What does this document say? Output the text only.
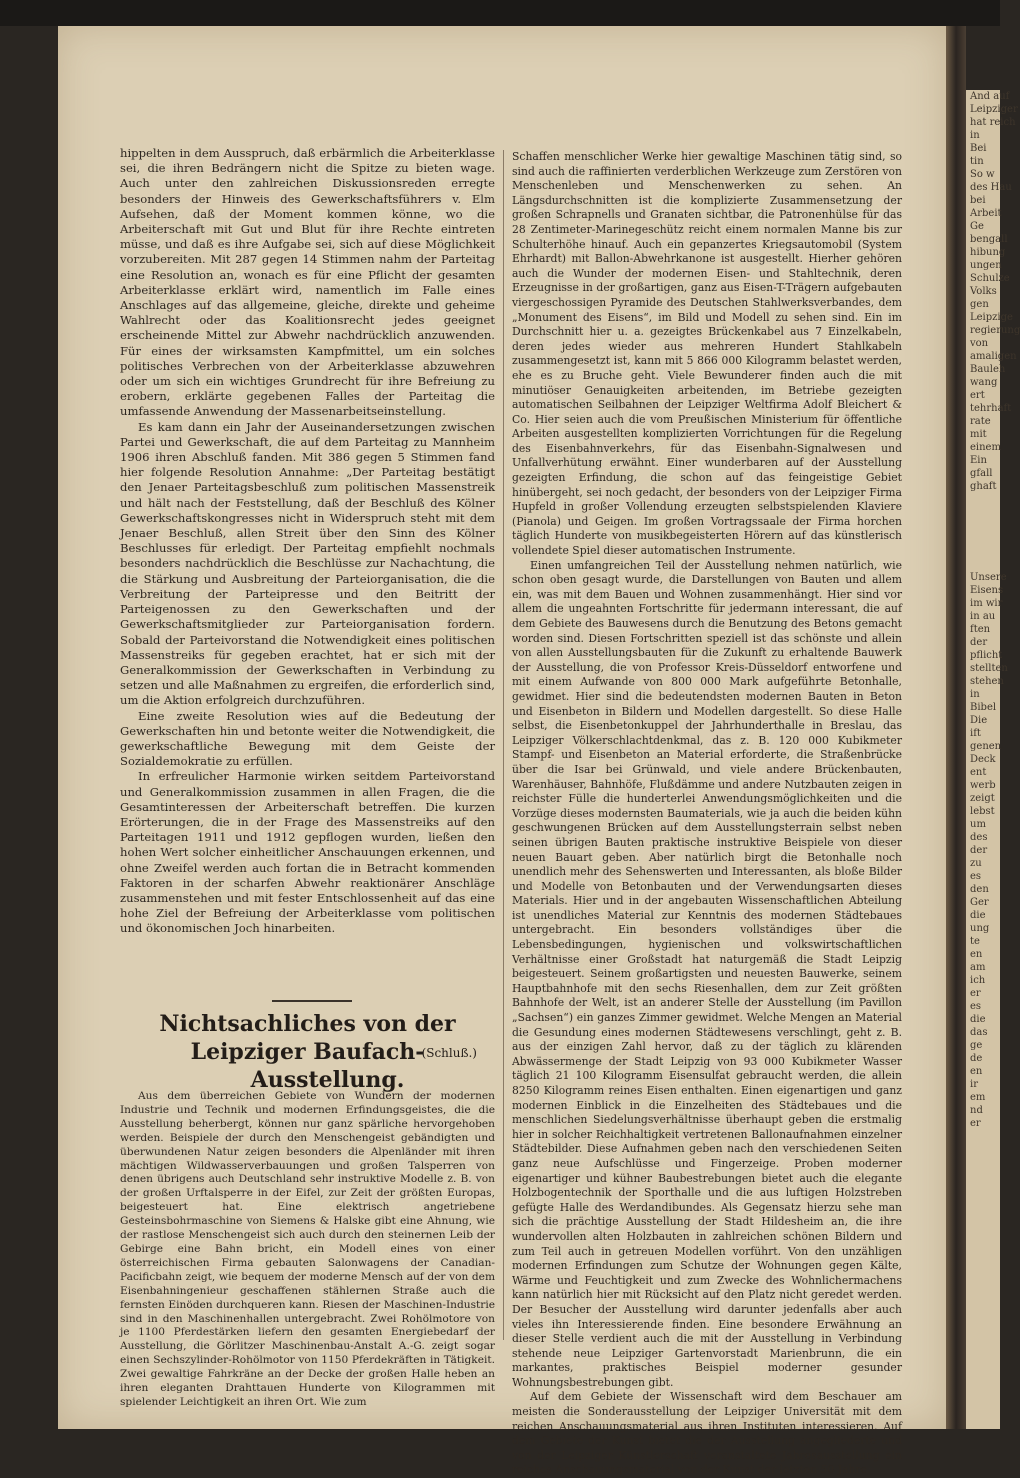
And auf

Leipziger

hat reich

in

Bei

tin

So w

des Hau

bei

Arbeit

Ge

bengall

hibung

ungen

Schulze

Volks

gen

Leipzige

regierung

von

amaligen

Bauleh

wang

ert

tehrhaft

rate

mit

einem

Ein

gfall

ghaft

Unsere

Eisens

im wir

in au

ften

der

pflicht

stellten

stehen

in

Bibel

Die

ift

genen

Deck

ent

werb

zeigt

lebst

um

des

der

zu

es

den

Ger

die

ung

te

en

am

ich

er

es

die

das

ge

de

en

ir

em

nd

er

hippelten in dem Ausspruch, daß erbärmlich die Arbeiterklasse sei, die ihren Bedrängern nicht die Spitze zu bieten wage. Auch unter den zahlreichen Diskussionsreden erregte besonders der Hinweis des Gewerkschaftsführers v. Elm Aufsehen, daß der Moment kommen könne, wo die Arbeiterschaft mit Gut und Blut für ihre Rechte eintreten müsse, und daß es ihre Aufgabe sei, sich auf diese Möglichkeit vorzubereiten. Mit 287 gegen 14 Stimmen nahm der Parteitag eine Resolution an, wonach es für eine Pflicht der gesamten Arbeiterklasse erklärt wird, namentlich im Falle eines Anschlages auf das allgemeine, gleiche, direkte und geheime Wahlrecht oder das Koalitionsrecht jedes geeignet erscheinende Mittel zur Abwehr nachdrücklich anzuwenden. Für eines der wirksamsten Kampfmittel, um ein solches politisches Verbrechen von der Arbeiterklasse abzuwehren oder um sich ein wichtiges Grundrecht für ihre Befreiung zu erobern, erklärte gegebenen Falles der Parteitag die umfassende Anwendung der Massenarbeitseinstellung.

Es kam dann ein Jahr der Auseinandersetzungen zwischen Partei und Gewerkschaft, die auf dem Parteitag zu Mannheim 1906 ihren Abschluß fanden. Mit 386 gegen 5 Stimmen fand hier folgende Resolution Annahme: „Der Parteitag bestätigt den Jenaer Parteitagsbeschluß zum politischen Massenstreik und hält nach der Feststellung, daß der Beschluß des Kölner Gewerkschaftskongresses nicht in Widerspruch steht mit dem Jenaer Beschluß, allen Streit über den Sinn des Kölner Beschlusses für erledigt. Der Parteitag empfiehlt nochmals besonders nachdrücklich die Beschlüsse zur Nachachtung, die die Stärkung und Ausbreitung der Parteiorganisation, die die Verbreitung der Parteipresse und den Beitritt der Parteigenossen zu den Gewerkschaften und der Gewerkschaftsmitglieder zur Parteiorganisation fordern. Sobald der Parteivorstand die Notwendigkeit eines politischen Massenstreiks für gegeben erachtet, hat er sich mit der Generalkommission der Gewerkschaften in Verbindung zu setzen und alle Maßnahmen zu ergreifen, die erforderlich sind, um die Aktion erfolgreich durchzuführen.

Eine zweite Resolution wies auf die Bedeutung der Gewerkschaften hin und betonte weiter die Notwendigkeit, die gewerkschaftliche Bewegung mit dem Geiste der Sozialdemokratie zu erfüllen.

In erfreulicher Harmonie wirken seitdem Parteivorstand und Generalkommission zusammen in allen Fragen, die die Gesamtinteressen der Arbeiterschaft betreffen. Die kurzen Erörterungen, die in der Frage des Massenstreiks auf den Parteitagen 1911 und 1912 gepflogen wurden, ließen den hohen Wert solcher einheitlicher Anschauungen erkennen, und ohne Zweifel werden auch fortan die in Betracht kommenden Faktoren in der scharfen Abwehr reaktionärer Anschläge zusammenstehen und mit fester Entschlossenheit auf das eine hohe Ziel der Befreiung der Arbeiterklasse vom politischen und ökonomischen Joch hinarbeiten.

Nichtsachliches von der Leipziger Baufach-
Ausstellung.
(Schluß.)

Aus dem überreichen Gebiete von Wundern der modernen Industrie und Technik und modernen Erfindungsgeistes, die die Ausstellung beherbergt, können nur ganz spärliche hervorgehoben werden. Beispiele der durch den Menschengeist gebändigten und überwundenen Natur zeigen besonders die Alpenländer mit ihren mächtigen Wildwasserverbauungen und großen Talsperren von denen übrigens auch Deutschland sehr instruktive Modelle z. B. von der großen Urftalsperre in der Eifel, zur Zeit der größten Europas, beigesteuert hat. Eine elektrisch angetriebene Gesteinsbohrmaschine von Siemens & Halske gibt eine Ahnung, wie der rastlose Menschengeist sich auch durch den steinernen Leib der Gebirge eine Bahn bricht, ein Modell eines von einer österreichischen Firma gebauten Salonwagens der Canadian-Pacificbahn zeigt, wie bequem der moderne Mensch auf der von dem Eisenbahningenieur geschaffenen stählernen Straße auch die fernsten Einöden durchqueren kann. Riesen der Maschinen-Industrie sind in den Maschinenhallen untergebracht. Zwei Rohölmotore von je 1100 Pferdestärken liefern den gesamten Energiebedarf der Ausstellung, die Görlitzer Maschinenbau-Anstalt A.-G. zeigt sogar einen Sechszylinder-Rohölmotor von 1150 Pferdekräften in Tätigkeit. Zwei gewaltige Fahrkräne an der Decke der großen Halle heben an ihren eleganten Drahttauen Hunderte von Kilogrammen mit spielender Leichtigkeit an ihren Ort. Wie zum

Schaffen menschlicher Werke hier gewaltige Maschinen tätig sind, so sind auch die raffinierten verderblichen Werkzeuge zum Zerstören von Menschenleben und Menschenwerken zu sehen. An Längsdurchschnitten ist die komplizierte Zusammensetzung der großen Schrapnells und Granaten sichtbar, die Patronenhülse für das 28 Zentimeter-Marinegeschütz reicht einem normalen Manne bis zur Schulterhöhe hinauf. Auch ein gepanzertes Kriegsautomobil (System Ehrhardt) mit Ballon-Abwehrkanone ist ausgestellt. Hierher gehören auch die Wunder der modernen Eisen- und Stahltechnik, deren Erzeugnisse in der großartigen, ganz aus Eisen-T-Trägern aufgebauten viergeschossigen Pyramide des Deutschen Stahlwerksverbandes, dem „Monument des Eisens“, im Bild und Modell zu sehen sind. Ein im Durchschnitt hier u. a. gezeigtes Brückenkabel aus 7 Einzelkabeln, deren jedes wieder aus mehreren Hundert Stahlkabeln zusammengesetzt ist, kann mit 5 866 000 Kilogramm belastet werden, ehe es zu Bruche geht. Viele Bewunderer finden auch die mit minutiöser Genauigkeiten arbeitenden, im Betriebe gezeigten automatischen Seilbahnen der Leipziger Weltfirma Adolf Bleichert & Co. Hier seien auch die vom Preußischen Ministerium für öffentliche Arbeiten ausgestellten komplizierten Vorrichtungen für die Regelung des Eisenbahnverkehrs, für das Eisenbahn-Signalwesen und Unfallverhütung erwähnt. Einer wunderbaren auf der Ausstellung gezeigten Erfindung, die schon auf das feingeistige Gebiet hinübergeht, sei noch gedacht, der besonders von der Leipziger Firma Hupfeld in großer Vollendung erzeugten selbstspielenden Klaviere (Pianola) und Geigen. Im großen Vortragssaale der Firma horchen täglich Hunderte von musikbegeisterten Hörern auf das künstlerisch vollendete Spiel dieser automatischen Instrumente.

Einen umfangreichen Teil der Ausstellung nehmen natürlich, wie schon oben gesagt wurde, die Darstellungen von Bauten und allem ein, was mit dem Bauen und Wohnen zusammenhängt. Hier sind vor allem die ungeahnten Fortschritte für jedermann interessant, die auf dem Gebiete des Bauwesens durch die Benutzung des Betons gemacht worden sind. Diesen Fortschritten speziell ist das schönste und allein von allen Ausstellungsbauten für die Zukunft zu erhaltende Bauwerk der Ausstellung, die von Professor Kreis-Düsseldorf entworfene und mit einem Aufwande von 800 000 Mark aufgeführte Betonhalle, gewidmet. Hier sind die bedeutendsten modernen Bauten in Beton und Eisenbeton in Bildern und Modellen dargestellt. So diese Halle selbst, die Eisenbetonkuppel der Jahrhunderthalle in Breslau, das Leipziger Völkerschlachtdenkmal, das z. B. 120 000 Kubikmeter Stampf- und Eisenbeton an Material erforderte, die Straßenbrücke über die Isar bei Grünwald, und viele andere Brückenbauten, Warenhäuser, Bahnhöfe, Flußdämme und andere Nutzbauten zeigen in reichster Fülle die hunderterlei Anwendungsmöglichkeiten und die Vorzüge dieses modernsten Baumaterials, wie ja auch die beiden kühn geschwungenen Brücken auf dem Ausstellungsterrain selbst neben seinen übrigen Bauten praktische instruktive Beispiele von dieser neuen Bauart geben. Aber natürlich birgt die Betonhalle noch unendlich mehr des Sehenswerten und Interessanten, als bloße Bilder und Modelle von Betonbauten und der Verwendungsarten dieses Materials. Hier und in der angebauten Wissenschaftlichen Abteilung ist unendliches Material zur Kenntnis des modernen Städtebaues untergebracht. Ein besonders vollständiges über die Lebensbedingungen, hygienischen und volkswirtschaftlichen Verhältnisse einer Großstadt hat naturgemäß die Stadt Leipzig beigesteuert. Seinem großartigsten und neuesten Bauwerke, seinem Hauptbahnhofe mit den sechs Riesenhallen, dem zur Zeit größten Bahnhofe der Welt, ist an anderer Stelle der Ausstellung (im Pavillon „Sachsen“) ein ganzes Zimmer gewidmet. Welche Mengen an Material die Gesundung eines modernen Städtewesens verschlingt, geht z. B. aus der einzigen Zahl hervor, daß zu der täglich zu klärenden Abwässermenge der Stadt Leipzig von 93 000 Kubikmeter Wasser täglich 21 100 Kilogramm Eisensulfat gebraucht werden, die allein 8250 Kilogramm reines Eisen enthalten. Einen eigenartigen und ganz modernen Einblick in die Einzelheiten des Städtebaues und die menschlichen Siedelungsverhältnisse überhaupt geben die erstmalig hier in solcher Reichhaltigkeit vertretenen Ballonaufnahmen einzelner Städtebilder. Diese Aufnahmen geben nach den verschiedenen Seiten ganz neue Aufschlüsse und Fingerzeige. Proben moderner eigenartiger und kühner Baubestrebungen bietet auch die elegante Holzbogentechnik der Sporthalle und die aus luftigen Holzstreben gefügte Halle des Werdandibundes. Als Gegensatz hierzu sehe man sich die prächtige Ausstellung der Stadt Hildesheim an, die ihre wundervollen alten Holzbauten in zahlreichen schönen Bildern und zum Teil auch in getreuen Modellen vorführt. Von den unzähligen modernen Erfindungen zum Schutze der Wohnungen gegen Kälte, Wärme und Feuchtigkeit und zum Zwecke des Wohnlichermachens kann natürlich hier mit Rücksicht auf den Platz nicht geredet werden. Der Besucher der Ausstellung wird darunter jedenfalls aber auch vieles ihn Interessierende finden. Eine besondere Erwähnung an dieser Stelle verdient auch die mit der Ausstellung in Verbindung stehende neue Leipziger Gartenvorstadt Marienbrunn, die ein markantes, praktisches Beispiel moderner gesunder Wohnungsbestrebungen gibt.

Auf dem Gebiete der Wissenschaft wird dem Beschauer am meisten die Sonderausstellung der Leipziger Universität mit dem reichen Anschauungsmaterial aus ihren Instituten interessieren. Auf dem Gebiete der Kunst bietet die der Ausstellung angegliederte und von der Leipziger Künstlerschaft veranstaltete Jahresausstellung ein reiches Anschauungsmaterial von der Kunst der letzten 50 Jahre.
